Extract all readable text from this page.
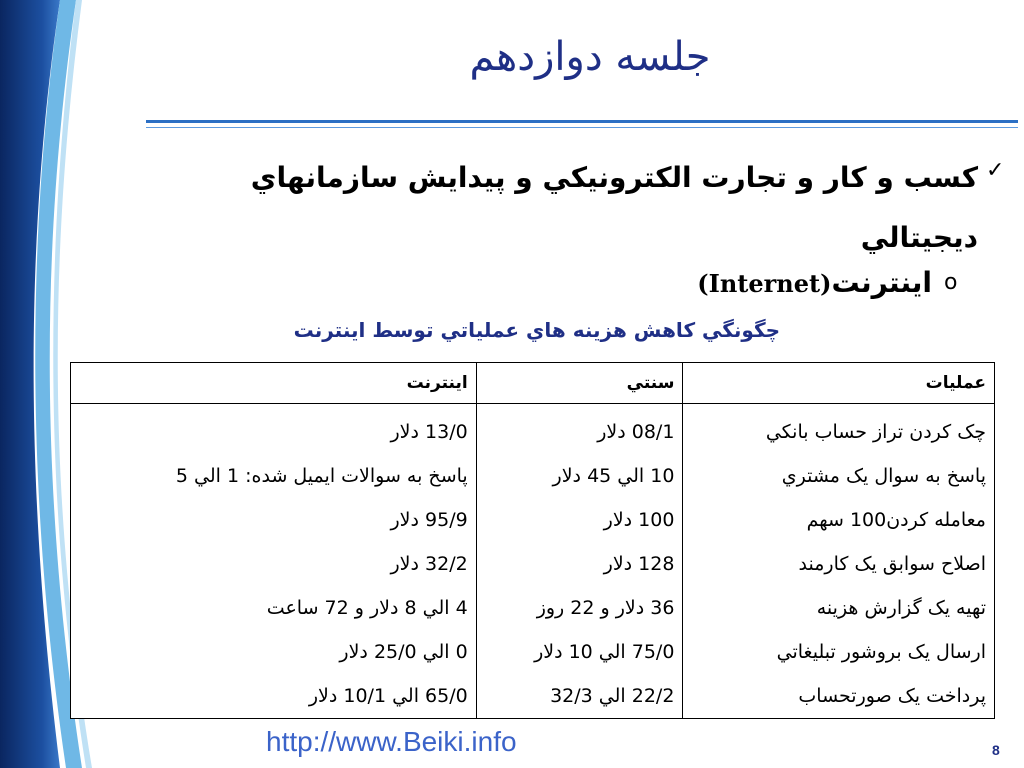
جلسه دوازدهم
✓
كسب و كار و تجارت الكترونيكي و پيدايش سازمانهاي ديجيتالي
o
اينترنت(Internet)
چگونگي كاهش هزينه هاي عملياتي توسط اينترنت
عمليات	سنتي	اينترنت
چک کردن تراز حساب بانکي	08/1 دلار	13/0 دلار
پاسخ به سوال يک مشتري	10 الي 45 دلار	پاسخ به سوالات ايميل شده: 1 الي 5
معامله كردن100 سهم	100 دلار	95/9 دلار
اصلاح سوابق يک كارمند	128 دلار	32/2 دلار
تهيه يک گزارش هزينه	36 دلار و 22 روز	4 الي 8 دلار و 72 ساعت
ارسال يک بروشور تبليغاتي	75/0 الي 10 دلار	0 الي 25/0 دلار
پرداخت يک صورتحساب	22/2 الي 32/3	65/0 الي 10/1 دلار
http://www.Beiki.info	8
